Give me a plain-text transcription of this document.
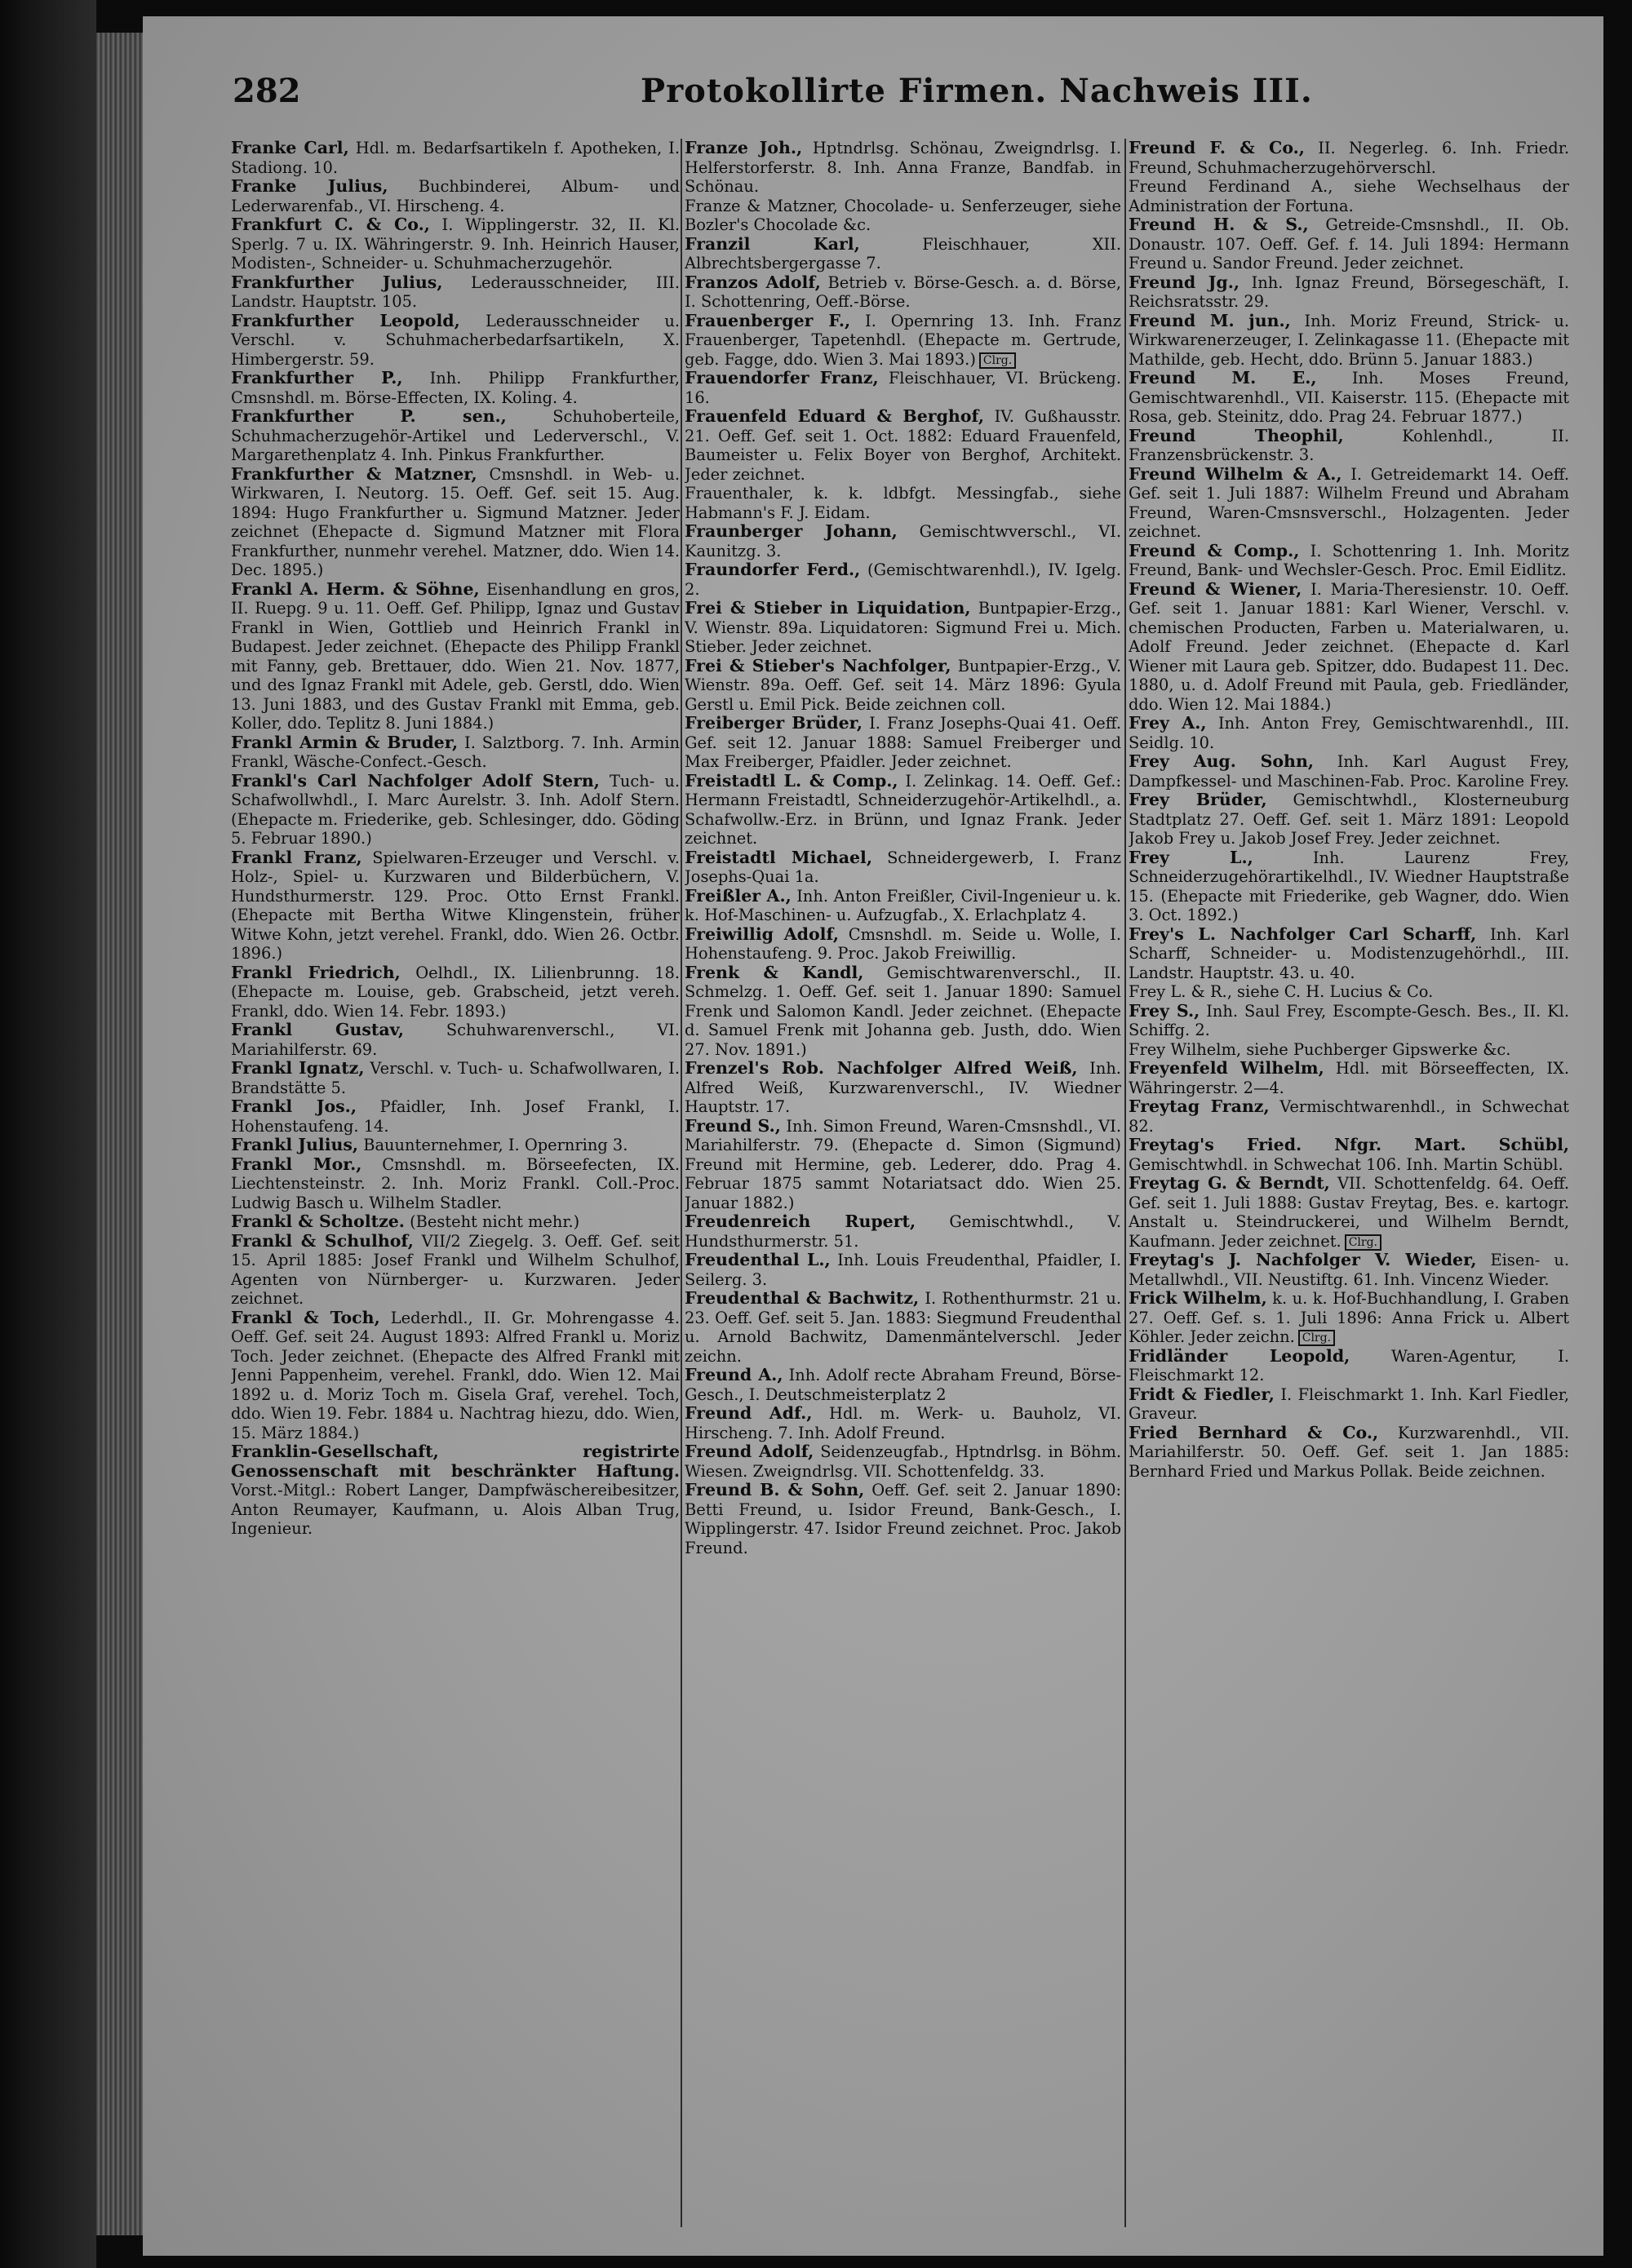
282	Protokollirte Firmen. Nachweis III.

Franke Carl, Hdl. m. Bedarfsartikeln f. Apotheken, I. Stadiong. 10.

Franke Julius, Buchbinderei, Album- und Lederwarenfab., VI. Hirscheng. 4.

Frankfurt C. & Co., I. Wipplingerstr. 32, II. Kl. Sperlg. 7 u. IX. Währingerstr. 9. Inh. Heinrich Hauser, Modisten-, Schneider- u. Schuhmacherzugehör.

Frankfurther Julius, Lederausschneider, III. Landstr. Hauptstr. 105.

Frankfurther Leopold, Lederausschneider u. Verschl. v. Schuhmacherbedarfsartikeln, X. Himbergerstr. 59.

Frankfurther P., Inh. Philipp Frankfurther, Cmsnshdl. m. Börse-Effecten, IX. Koling. 4.

Frankfurther P. sen.,	Schuhoberteile, Schuhmacherzugehör-Artikel und Lederverschl., V. Margarethenplatz 4. Inh. Pinkus Frankfurther.

Frankfurther & Matzner, Cmsnshdl. in Web- u. Wirkwaren, I. Neutorg. 15. Oeff. Gef. seit 15. Aug. 1894: Hugo Frankfurther u. Sigmund Matzner. Jeder zeichnet (Ehepacte d. Sigmund Matzner mit Flora Frankfurther, nunmehr verehel. Matzner, ddo. Wien 14. Dec. 1895.)

Frankl A. Herm. & Söhne, Eisenhandlung en gros, II. Ruepg. 9 u. 11. Oeff. Gef. Philipp, Ignaz und Gustav Frankl in Wien, Gottlieb und Heinrich Frankl in Budapest. Jeder zeichnet. (Ehepacte des Philipp Frankl mit Fanny, geb. Brettauer, ddo. Wien 21. Nov. 1877, und des Ignaz Frankl mit Adele, geb. Gerstl, ddo. Wien 13. Juni 1883, und des Gustav Frankl mit Emma, geb. Koller, ddo. Teplitz 8. Juni 1884.)

Frankl Armin & Bruder, I. Salztborg. 7. Inh. Armin Frankl, Wäsche-Confect.-Gesch.

Frankl's Carl Nachfolger Adolf Stern, Tuch- u. Schafwollwhdl., I. Marc Aurelstr. 3. Inh. Adolf Stern. (Ehepacte m. Friederike, geb. Schlesinger, ddo. Göding 5. Februar 1890.)

Frankl Franz, Spielwaren-Erzeuger und Verschl. v. Holz-, Spiel- u. Kurzwaren und Bilderbüchern, V. Hundsthurmerstr. 129. Proc. Otto Ernst Frankl. (Ehepacte mit Bertha Witwe Klingenstein, früher Witwe Kohn, jetzt verehel. Frankl, ddo. Wien 26. Octbr. 1896.)

Frankl Friedrich, Oelhdl., IX. Lilienbrunng. 18. (Ehepacte m. Louise, geb. Grabscheid, jetzt vereh. Frankl, ddo. Wien 14. Febr. 1893.)

Frankl Gustav,	Schuhwarenverschl., VI. Mariahilferstr. 69.

Frankl Ignatz, Verschl. v. Tuch- u. Schafwollwaren, I. Brandstätte 5.

Frankl Jos., Pfaidler, Inh. Josef Frankl, I. Hohenstaufeng. 14.

Frankl Julius, Bauunternehmer, I. Opernring 3.

Frankl Mor., Cmsnshdl. m. Börseefecten, IX. Liechtensteinstr. 2. Inh. Moriz Frankl. Coll.-Proc. Ludwig Basch u. Wilhelm Stadler.

Frankl & Scholtze. (Besteht nicht mehr.)

Frankl & Schulhof, VII/2 Ziegelg. 3. Oeff. Gef. seit 15. April 1885: Josef Frankl und Wilhelm Schulhof, Agenten von Nürnberger- u. Kurzwaren. Jeder zeichnet.

Frankl & Toch, Lederhdl., II. Gr. Mohrengasse 4. Oeff. Gef. seit 24. August 1893: Alfred Frankl u. Moriz Toch. Jeder zeichnet. (Ehepacte des Alfred Frankl mit Jenni Pappenheim, verehel. Frankl, ddo. Wien 12. Mai 1892 u. d. Moriz Toch m. Gisela Graf, verehel. Toch, ddo. Wien 19. Febr. 1884 u. Nachtrag hiezu, ddo. Wien, 15. März 1884.)

Franklin-Gesellschaft, registrirte Genossenschaft mit beschränkter Haftung. Vorst.-Mitgl.: Robert Langer, Dampfwäschereibesitzer, Anton Reumayer, Kaufmann, u. Alois Alban Trug, Ingenieur.

Franze Joh., Hptndrlsg. Schönau, Zweigndrlsg. I. Helferstorferstr. 8. Inh. Anna Franze, Bandfab. in Schönau.

Franze & Matzner, Chocolade- u. Senferzeuger, siehe Bozler's Chocolade &c.

Franzil Karl,	Fleischhauer, XII. Albrechtsbergergasse 7.

Franzos Adolf, Betrieb v. Börse-Gesch. a. d. Börse, I. Schottenring, Oeff.-Börse.

Frauenberger F., I. Opernring 13. Inh. Franz Frauenberger, Tapetenhdl. (Ehepacte m. Gertrude, geb. Fagge, ddo. Wien 3. Mai 1893.) Clrg.

Frauendorfer Franz, Fleischhauer, VI. Brückeng. 16.

Frauenfeld Eduard & Berghof, IV. Gußhausstr. 21. Oeff. Gef. seit 1. Oct. 1882: Eduard Frauenfeld, Baumeister u. Felix Boyer von Berghof, Architekt. Jeder zeichnet.

Frauenthaler, k. k. ldbfgt. Messingfab., siehe Habmann's F. J. Eidam.

Fraunberger Johann, Gemischtwverschl., VI. Kaunitzg. 3.

Fraundorfer Ferd., (Gemischtwarenhdl.), IV. Igelg. 2.

Frei & Stieber in Liquidation, Buntpapier-Erzg., V. Wienstr. 89a. Liquidatoren: Sigmund Frei u. Mich. Stieber. Jeder zeichnet.

Frei & Stieber's Nachfolger, Buntpapier-Erzg., V. Wienstr. 89a. Oeff. Gef. seit 14. März 1896: Gyula Gerstl u. Emil Pick. Beide zeichnen coll.

Freiberger Brüder, I. Franz Josephs-Quai 41. Oeff. Gef. seit 12. Januar 1888: Samuel Freiberger und Max Freiberger, Pfaidler. Jeder zeichnet.

Freistadtl L. & Comp., I. Zelinkag. 14. Oeff. Gef.: Hermann Freistadtl, Schneiderzugehör-Artikelhdl., a. Schafwollw.-Erz. in Brünn, und Ignaz Frank. Jeder zeichnet.

Freistadtl Michael, Schneidergewerb, I. Franz Josephs-Quai 1a.

Freißler A., Inh. Anton Freißler, Civil-Ingenieur u. k. k. Hof-Maschinen- u. Aufzugfab., X. Erlachplatz 4.

Freiwillig Adolf, Cmsnshdl. m. Seide u. Wolle, I. Hohenstaufeng. 9. Proc. Jakob Freiwillig.

Frenk & Kandl, Gemischtwarenverschl., II. Schmelzg. 1. Oeff. Gef. seit 1. Januar 1890: Samuel Frenk und Salomon Kandl. Jeder zeichnet. (Ehepacte d. Samuel Frenk mit Johanna geb. Justh, ddo. Wien 27. Nov. 1891.)

Frenzel's Rob. Nachfolger Alfred Weiß, Inh. Alfred Weiß, Kurzwarenverschl., IV. Wiedner Hauptstr. 17.

Freund S., Inh. Simon Freund, Waren-Cmsnshdl., VI. Mariahilferstr. 79. (Ehepacte d. Simon (Sigmund) Freund mit Hermine, geb. Lederer, ddo. Prag 4. Februar 1875 sammt Notariatsact ddo. Wien 25. Januar 1882.)

Freudenreich Rupert, Gemischtwhdl., V. Hundsthurmerstr. 51.

Freudenthal L., Inh. Louis Freudenthal, Pfaidler, I. Seilerg. 3.

Freudenthal & Bachwitz, I. Rothenthurmstr. 21 u. 23. Oeff. Gef. seit 5. Jan. 1883: Siegmund Freudenthal u. Arnold Bachwitz, Damenmäntelverschl. Jeder zeichn.

Freund A., Inh. Adolf recte Abraham Freund, Börse-Gesch., I. Deutschmeisterplatz 2

Freund Adf., Hdl. m. Werk- u. Bauholz, VI. Hirscheng. 7. Inh. Adolf Freund.

Freund Adolf, Seidenzeugfab., Hptndrlsg. in Böhm. Wiesen. Zweigndrlsg. VII. Schottenfeldg. 33.

Freund B. & Sohn, Oeff. Gef. seit 2. Januar 1890: Betti Freund, u. Isidor Freund, Bank-Gesch., I. Wipplingerstr. 47. Isidor Freund zeichnet. Proc. Jakob Freund.

Freund F. & Co., II. Negerleg. 6. Inh. Friedr. Freund, Schuhmacherzugehörverschl.

Freund Ferdinand A., siehe Wechselhaus der Administration der Fortuna.

Freund H. & S., Getreide-Cmsnshdl., II. Ob. Donaustr. 107. Oeff. Gef. f. 14. Juli 1894: Hermann Freund u. Sandor Freund. Jeder zeichnet.

Freund Jg., Inh. Ignaz Freund, Börsegeschäft, I. Reichsratsstr. 29.

Freund M. jun., Inh. Moriz Freund, Strick- u. Wirkwarenerzeuger, I. Zelinkagasse 11. (Ehepacte mit Mathilde, geb. Hecht, ddo. Brünn 5. Januar 1883.)

Freund M. E., Inh. Moses Freund, Gemischtwarenhdl., VII. Kaiserstr. 115. (Ehepacte mit Rosa, geb. Steinitz, ddo. Prag 24. Februar 1877.)

Freund Theophil,	Kohlenhdl., II. Franzensbrückenstr. 3.

Freund Wilhelm & A., I. Getreidemarkt 14. Oeff. Gef. seit 1. Juli 1887: Wilhelm Freund und Abraham Freund, Waren-Cmsnsverschl., Holzagenten. Jeder zeichnet.

Freund & Comp., I. Schottenring 1. Inh. Moritz Freund, Bank- und Wechsler-Gesch. Proc. Emil Eidlitz.

Freund & Wiener, I. Maria-Theresienstr. 10. Oeff. Gef. seit 1. Januar 1881: Karl Wiener, Verschl. v. chemischen Producten, Farben u. Materialwaren, u. Adolf Freund. Jeder zeichnet. (Ehepacte d. Karl Wiener mit Laura geb. Spitzer, ddo. Budapest 11. Dec. 1880, u. d. Adolf Freund mit Paula, geb. Friedländer, ddo. Wien 12. Mai 1884.)

Frey A., Inh. Anton Frey, Gemischtwarenhdl., III. Seidlg. 10.

Frey Aug. Sohn, Inh. Karl August Frey, Dampfkessel- und Maschinen-Fab. Proc. Karoline Frey.

Frey Brüder, Gemischtwhdl., Klosterneuburg Stadtplatz 27. Oeff. Gef. seit 1. März 1891: Leopold Jakob Frey u. Jakob Josef Frey. Jeder zeichnet.

Frey L.,	Inh. Laurenz Frey, Schneiderzugehörartikelhdl., IV. Wiedner Hauptstraße 15. (Ehepacte mit Friederike, geb Wagner, ddo. Wien 3. Oct. 1892.)

Frey's L. Nachfolger Carl Scharff, Inh. Karl Scharff, Schneider- u. Modistenzugehörhdl., III. Landstr. Hauptstr. 43. u. 40.

Frey L. & R., siehe C. H. Lucius & Co.

Frey S., Inh. Saul Frey, Escompte-Gesch. Bes., II. Kl. Schiffg. 2.

Frey Wilhelm, siehe Puchberger Gipswerke &c.

Freyenfeld Wilhelm, Hdl. mit Börseeffecten, IX. Währingerstr. 2—4.

Freytag Franz, Vermischtwarenhdl., in Schwechat 82.

Freytag's Fried. Nfgr. Mart. Schübl, Gemischtwhdl. in Schwechat 106. Inh. Martin Schübl.

Freytag G. & Berndt, VII. Schottenfeldg. 64. Oeff. Gef. seit 1. Juli 1888: Gustav Freytag, Bes. e. kartogr. Anstalt u. Steindruckerei, und Wilhelm Berndt, Kaufmann. Jeder zeichnet. Clrg.

Freytag's J. Nachfolger V. Wieder, Eisen- u. Metallwhdl., VII. Neustiftg. 61. Inh. Vincenz Wieder.

Frick Wilhelm, k. u. k. Hof-Buchhandlung, I. Graben 27. Oeff. Gef. s. 1. Juli 1896: Anna Frick u. Albert Köhler. Jeder zeichn. Clrg.

Fridländer Leopold,	Waren-Agentur, I. Fleischmarkt 12.

Fridt & Fiedler, I. Fleischmarkt 1. Inh. Karl Fiedler, Graveur.

Fried Bernhard & Co., Kurzwarenhdl., VII. Mariahilferstr. 50. Oeff. Gef. seit 1. Jan 1885: Bernhard Fried und Markus Pollak. Beide zeichnen.
